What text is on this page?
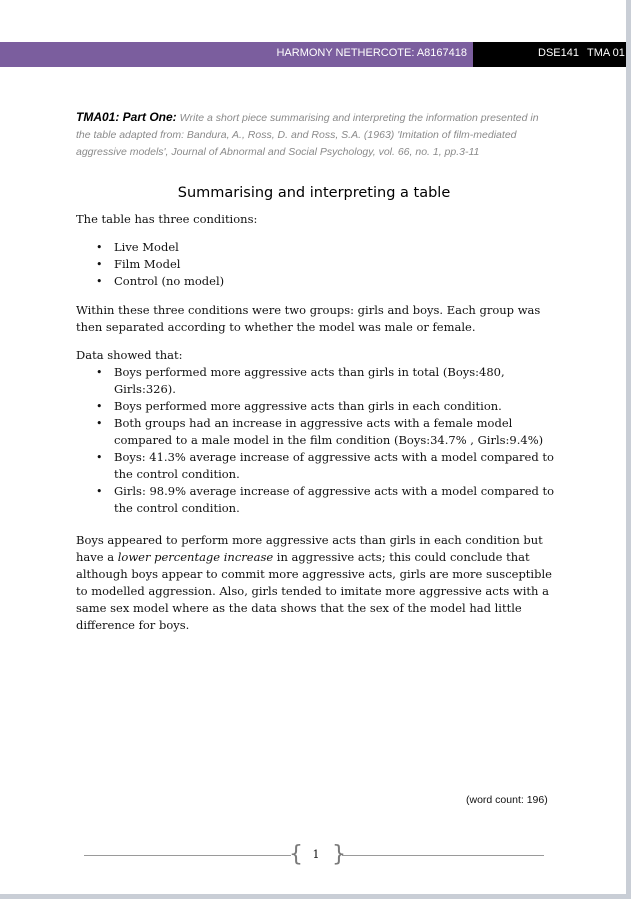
HARMONY NETHERCOTE: A8167418	DSE141 TMA 01
TMA01: Part One: Write a short piece summarising and interpreting the information presented in the table adapted from: Bandura, A., Ross, D. and Ross, S.A. (1963) 'Imitation of film-mediated aggressive models', Journal of Abnormal and Social Psychology, vol. 66, no. 1, pp.3-11
Summarising and interpreting a table
The table has three conditions:
• Live Model
• Film Model
• Control (no model)
Within these three conditions were two groups: girls and boys. Each group was then separated according to whether the model was male or female.
Data showed that:
• Boys performed more aggressive acts than girls in total (Boys:480, Girls:326).
• Boys performed more aggressive acts than girls in each condition.
• Both groups had an increase in aggressive acts with a female model compared to a male model in the film condition (Boys:34.7% , Girls:9.4%)
• Boys: 41.3% average increase of aggressive acts with a model compared to the control condition.
• Girls: 98.9% average increase of aggressive acts with a model compared to the control condition.
Boys appeared to perform more aggressive acts than girls in each condition but have a lower percentage increase in aggressive acts; this could conclude that although boys appear to commit more aggressive acts, girls are more susceptible to modelled aggression. Also, girls tended to imitate more aggressive acts with a same sex model where as the data shows that the sex of the model had little difference for boys.
(word count: 196)
{ }
1
